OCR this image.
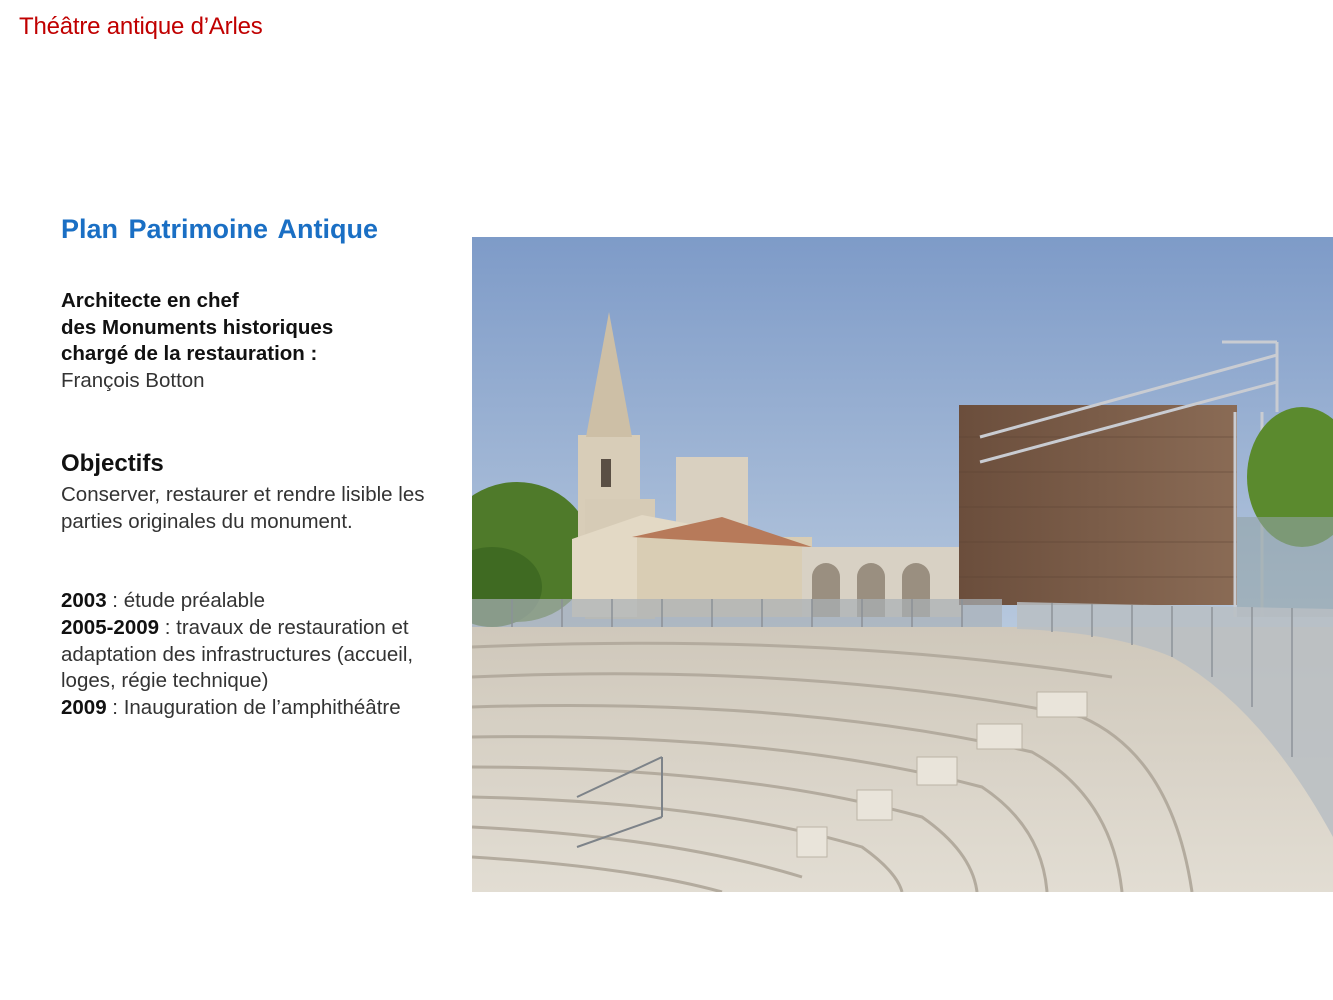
Théâtre antique d’Arles
Plan Patrimoine Antique
Architecte en chef
des Monuments historiques
chargé de la restauration :
François Botton
Objectifs
Conserver, restaurer et rendre lisible les parties originales du monument.
2003 : étude préalable
2005-2009 : travaux de restauration et adaptation des infrastructures (accueil, loges, régie technique)
2009 : Inauguration de l’amphithéâtre
